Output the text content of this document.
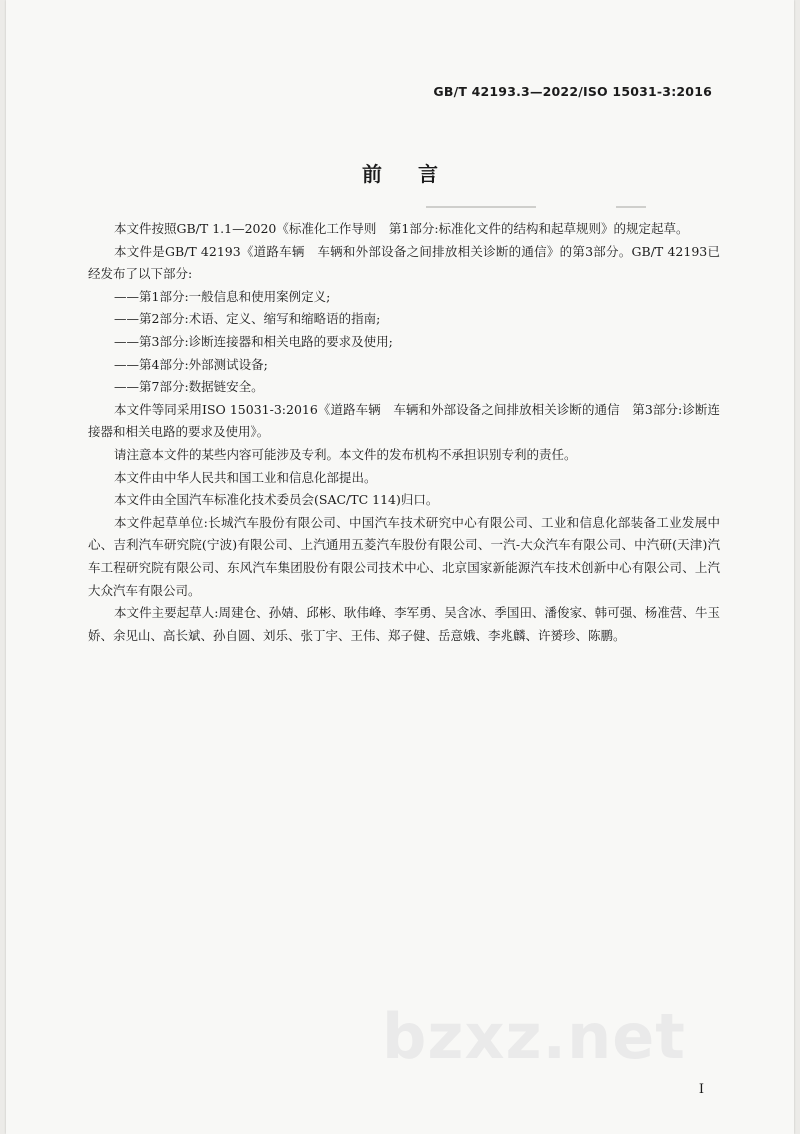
GB/T 42193.3—2022/ISO 15031-3:2016
前 言

本文件按照GB/T 1.1—2020《标准化工作导则　第1部分:标准化文件的结构和起草规则》的规定起草。

本文件是GB/T 42193《道路车辆　车辆和外部设备之间排放相关诊断的通信》的第3部分。GB/T 42193已经发布了以下部分:

——第1部分:一般信息和使用案例定义;

——第2部分:术语、定义、缩写和缩略语的指南;

——第3部分:诊断连接器和相关电路的要求及使用;

——第4部分:外部测试设备;

——第7部分:数据链安全。

本文件等同采用ISO 15031-3:2016《道路车辆　车辆和外部设备之间排放相关诊断的通信　第3部分:诊断连接器和相关电路的要求及使用》。

请注意本文件的某些内容可能涉及专利。本文件的发布机构不承担识别专利的责任。

本文件由中华人民共和国工业和信息化部提出。

本文件由全国汽车标准化技术委员会(SAC/TC 114)归口。

本文件起草单位:长城汽车股份有限公司、中国汽车技术研究中心有限公司、工业和信息化部装备工业发展中心、吉利汽车研究院(宁波)有限公司、上汽通用五菱汽车股份有限公司、一汽-大众汽车有限公司、中汽研(天津)汽车工程研究院有限公司、东风汽车集团股份有限公司技术中心、北京国家新能源汽车技术创新中心有限公司、上汽大众汽车有限公司。

本文件主要起草人:周建仓、孙婧、邱彬、耿伟峰、李军勇、吴含冰、季国田、潘俊家、韩可强、杨准营、牛玉娇、余见山、高长斌、孙自圆、刘乐、张丁宇、王伟、郑子健、岳意娥、李兆麟、许赟珍、陈鹏。

bzxz.net
I
